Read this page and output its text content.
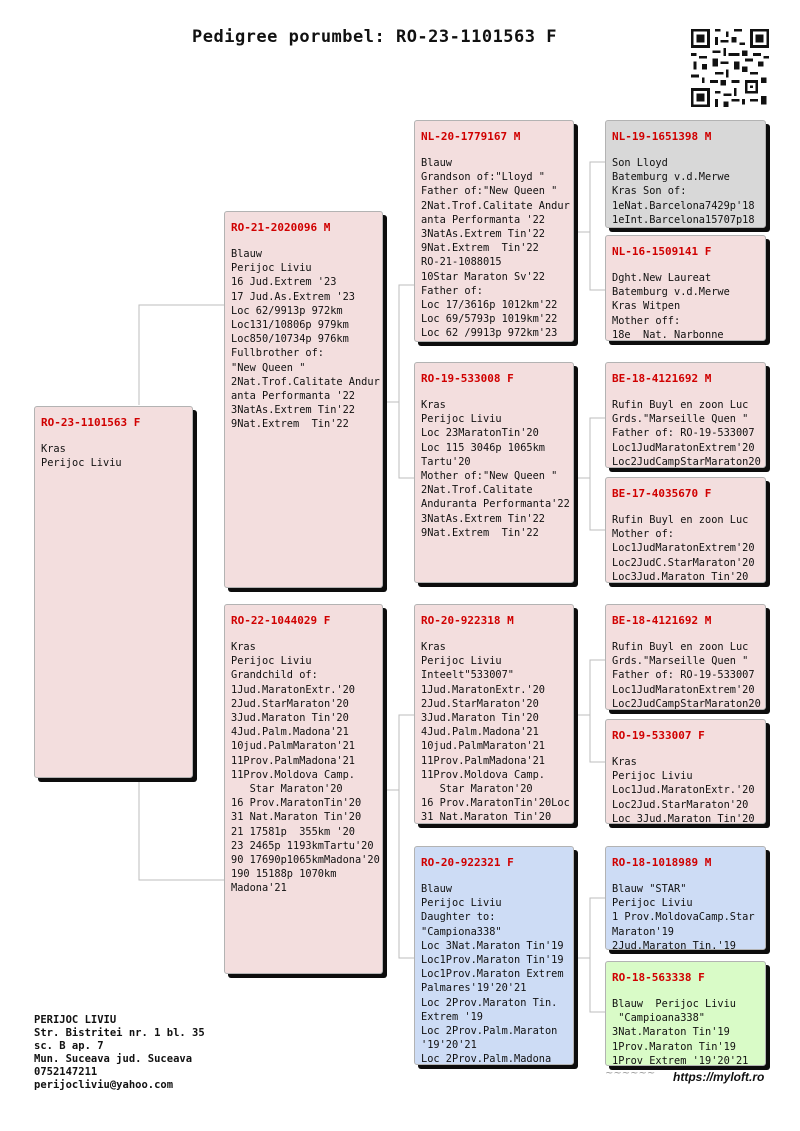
Pedigree porumbel: RO-23-1101563 F
RO-23-1101563 F
Kras
Perijoc Liviu
RO-21-2020096 M
Blauw
Perijoc Liviu
16 Jud.Extrem '23
17 Jud.As.Extrem '23
Loc 62/9913p 972km
Loc131/10806p 979km
Loc850/10734p 976km
Fullbrother of:
"New Queen "
2Nat.Trof.Calitate Andur
anta Performanta '22
3NatAs.Extrem Tin'22
9Nat.Extrem  Tin'22
RO-22-1044029 F
Kras
Perijoc Liviu
Grandchild of:
1Jud.MaratonExtr.'20
2Jud.StarMaraton'20
3Jud.Maraton Tin'20
4Jud.Palm.Madona'21
10jud.PalmMaraton'21
11Prov.PalmMadona'21
11Prov.Moldova Camp.
Star Maraton'20
16 Prov.MaratonTin'20
31 Nat.Maraton Tin'20
21 17581p  355km '20
23 2465p 1193kmTartu'20
90 17690p1065kmMadona'20
190 15188p 1070km
Madona'21
NL-20-1779167 M
Blauw
Grandson of:"Lloyd "
Father of:"New Queen "
2Nat.Trof.Calitate Andur
anta Performanta '22
3NatAs.Extrem Tin'22
9Nat.Extrem  Tin'22
RO-21-1088015
10Star Maraton Sv'22
Father of:
Loc 17/3616p 1012km'22
Loc 69/5793p 1019km'22
Loc 62 /9913p 972km'23
RO-19-533008 F
Kras
Perijoc Liviu
Loc 23MaratonTin'20
Loc 115 3046p 1065km
Tartu'20
Mother of:"New Queen "
2Nat.Trof.Calitate
Anduranta Performanta'22
3NatAs.Extrem Tin'22
9Nat.Extrem  Tin'22
RO-20-922318 M
Kras
Perijoc Liviu
Inteelt"533007"
1Jud.MaratonExtr.'20
2Jud.StarMaraton'20
3Jud.Maraton Tin'20
4Jud.Palm.Madona'21
10jud.PalmMaraton'21
11Prov.PalmMadona'21
11Prov.Moldova Camp.
Star Maraton'20
16 Prov.MaratonTin'20Loc
31 Nat.Maraton Tin'20
RO-20-922321 F
Blauw
Perijoc Liviu
Daughter to:
"Campiona338"
Loc 3Nat.Maraton Tin'19
Loc1Prov.Maraton Tin'19
Loc1Prov.Maraton Extrem
Palmares'19'20'21
Loc 2Prov.Maraton Tin.
Extrem '19
Loc 2Prov.Palm.Maraton
'19'20'21
Loc 2Prov.Palm.Madona
NL-19-1651398 M
Son Lloyd
Batemburg v.d.Merwe
Kras Son of:
1eNat.Barcelona7429p'18
1eInt.Barcelona15707p18
NL-16-1509141 F
Dght.New Laureat
Batemburg v.d.Merwe
Kras Witpen
Mother off:
18e  Nat. Narbonne
BE-18-4121692 M
Rufin Buyl en zoon Luc
Grds."Marseille Quen "
Father of: RO-19-533007
Loc1JudMaratonExtrem'20
Loc2JudCampStarMaraton20
BE-17-4035670 F
Rufin Buyl en zoon Luc
Mother of:
Loc1JudMaratonExtrem'20
Loc2JudC.StarMaraton'20
Loc3Jud.Maraton Tin'20
BE-18-4121692 M
Rufin Buyl en zoon Luc
Grds."Marseille Quen "
Father of: RO-19-533007
Loc1JudMaratonExtrem'20
Loc2JudCampStarMaraton20
RO-19-533007 F
Kras
Perijoc Liviu
Loc1Jud.MaratonExtr.'20
Loc2Jud.StarMaraton'20
Loc 3Jud.Maraton Tin'20
RO-18-1018989 M
Blauw "STAR"
Perijoc Liviu
1 Prov.MoldovaCamp.Star
Maraton'19
2Jud.Maraton Tin.'19
RO-18-563338 F
Blauw  Perijoc Liviu
"Campioana338"
3Nat.Maraton Tin'19
1Prov.Maraton Tin'19
1Prov Extrem '19'20'21
PERIJOC LIVIU
Str. Bistritei nr. 1 bl. 35
sc. B ap. 7
Mun. Suceava jud. Suceava
0752147211
perijocliviu@yahoo.com
~~~~~~ https://myloft.ro
